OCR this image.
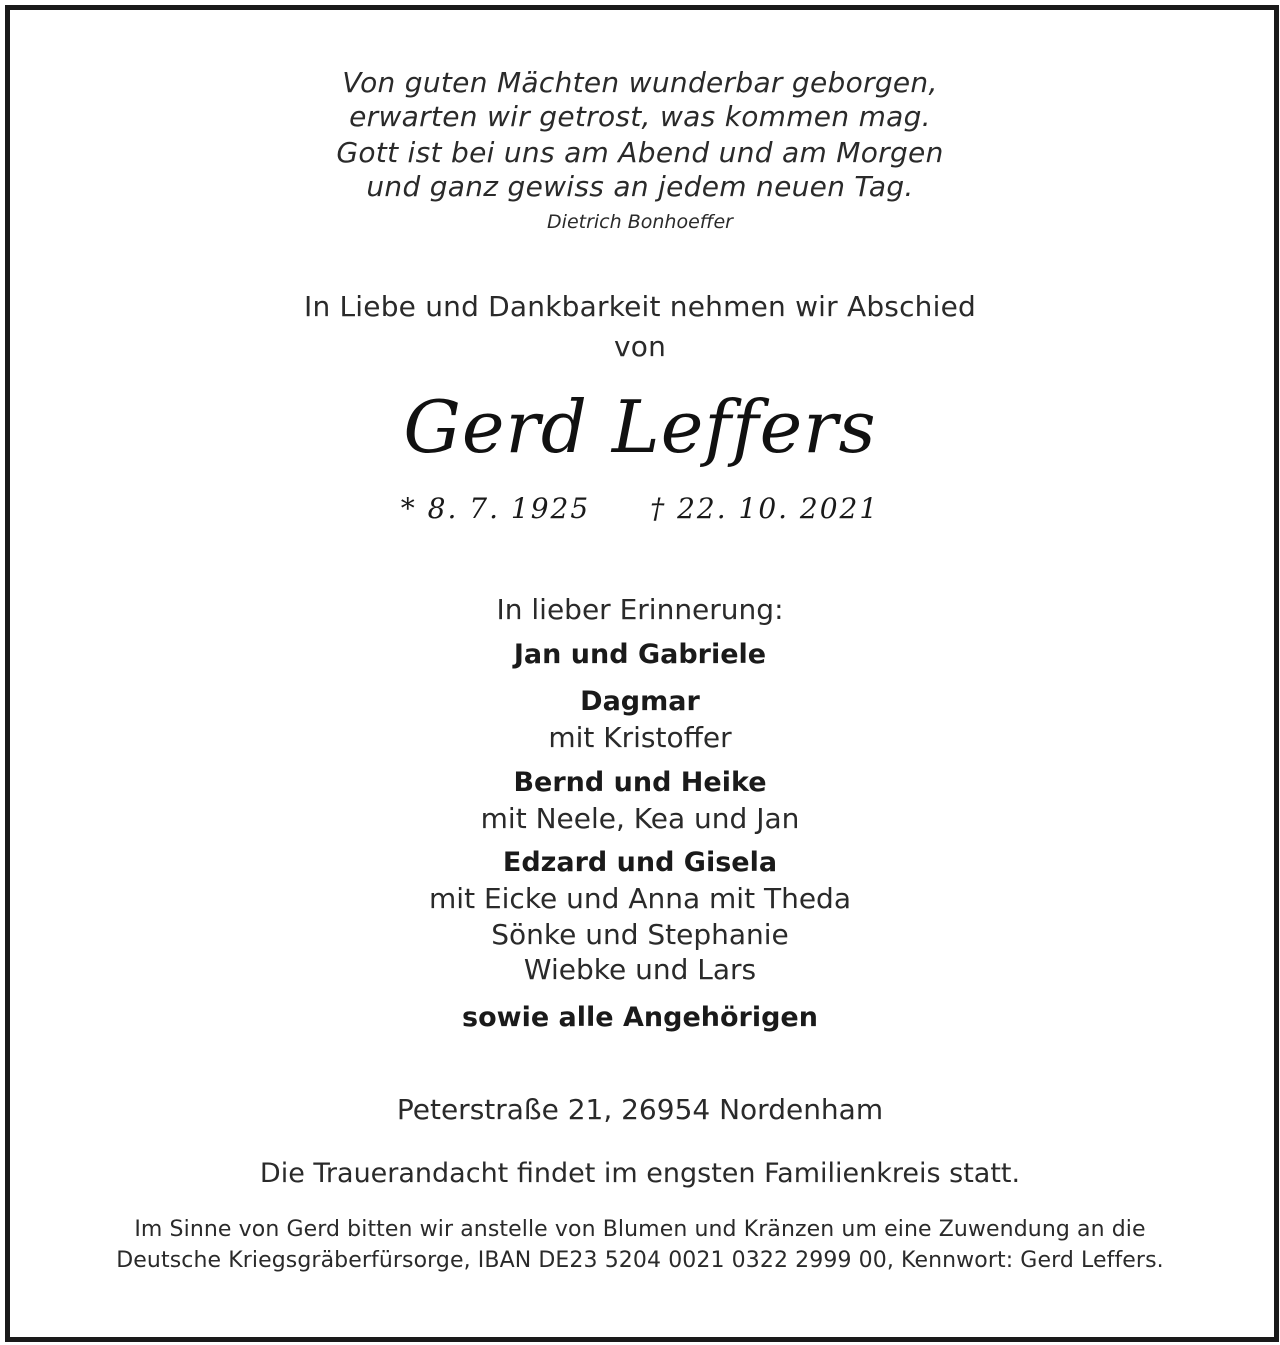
Von guten Mächten wunderbar geborgen,

erwarten wir getrost, was kommen mag.

Gott ist bei uns am Abend und am Morgen

und ganz gewiss an jedem neuen Tag.

Dietrich Bonhoeffer

In Liebe und Dankbarkeit nehmen wir Abschied

von

Gerd Leffers

* 8. 7. 1925 † 22. 10. 2021

In lieber Erinnerung:

Jan und Gabriele

Dagmar

mit Kristoffer

Bernd und Heike

mit Neele, Kea und Jan

Edzard und Gisela

mit Eicke und Anna mit Theda

Sönke und Stephanie

Wiebke und Lars

sowie alle Angehörigen

Peterstraße 21, 26954 Nordenham

Die Trauerandacht findet im engsten Familienkreis statt.

Im Sinne von Gerd bitten wir anstelle von Blumen und Kränzen um eine Zuwendung an die

Deutsche Kriegsgräberfürsorge, IBAN DE23 5204 0021 0322 2999 00, Kennwort: Gerd Leffers.
